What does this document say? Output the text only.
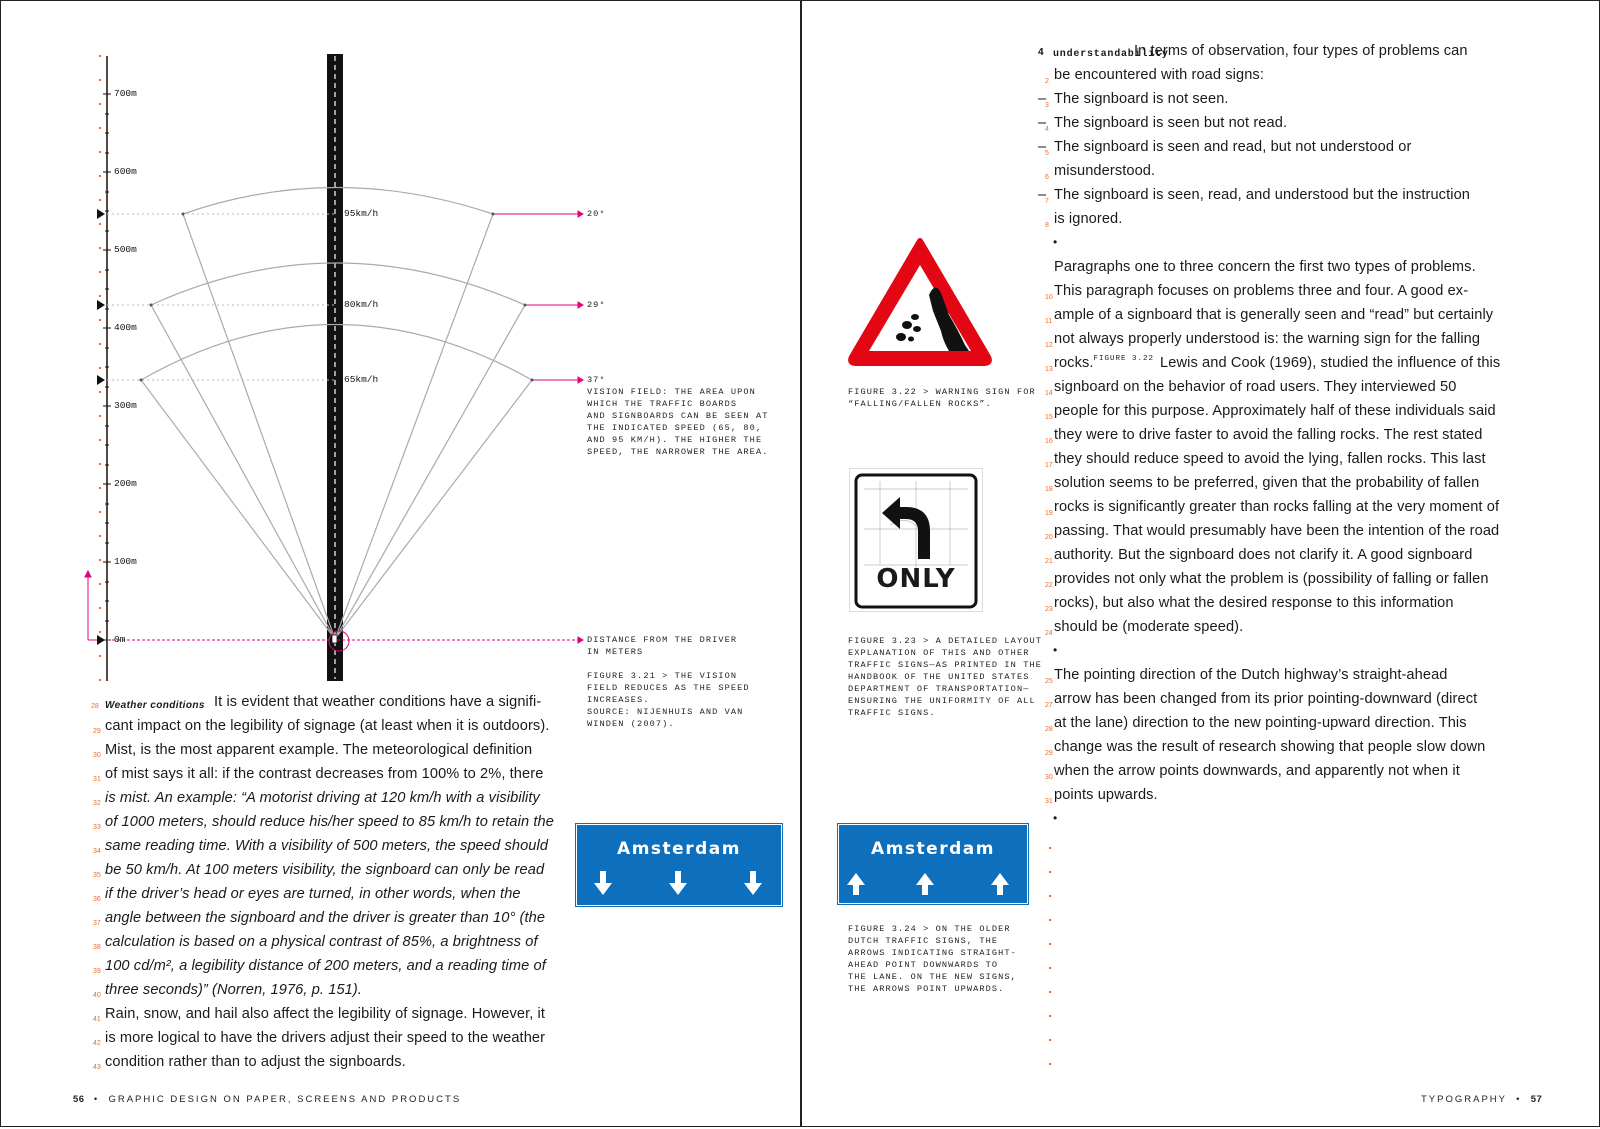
700m
600m
500m
400m
300m
200m
100m
0m
95km/h
80km/h
65km/h
20°
29°
37°
VISION FIELD: THE AREA UPON
WHICH THE TRAFFIC BOARDS
AND SIGNBOARDS CAN BE SEEN AT
THE INDICATED SPEED (65, 80,
AND 95 KM/H). THE HIGHER THE
SPEED, THE NARROWER THE AREA.
DISTANCE FROM THE DRIVER
IN METERS
FIGURE 3.21 > THE VISION
FIELD REDUCES AS THE SPEED
INCREASES.
SOURCE: NIJENHUIS AND VAN
WINDEN (2007).
Amsterdam
28 Weather conditions It is evident that weather conditions have a signifi-
cant impact on the legibility of signage (at least when it is outdoors).
29
Mist, is the most apparent example. The meteorological definition
30
of mist says it all: if the contrast decreases from 100% to 2%, there
31
is mist. An example: “A motorist driving at 120 km/h with a visibility
32
of 1000 meters, should reduce his/her speed to 85 km/h to retain the
33
same reading time. With a visibility of 500 meters, the speed should
34
be 50 km/h. At 100 meters visibility, the signboard can only be read
35
if the driver’s head or eyes are turned, in other words, when the
36
angle between the signboard and the driver is greater than 10° (the
37
calculation is based on a physical contrast of 85%, a brightness of
38
100 cd/m², a legibility distance of 200 meters, and a reading time of
39
three seconds)” (Norren, 1976, p. 151).
40
Rain, snow, and hail also affect the legibility of signage. However, it
41
is more logical to have the drivers adjust their speed to the weather
42
condition rather than to adjust the signboards.
43
56  •  GRAPHIC DESIGN ON PAPER, SCREENS AND PRODUCTS
FIGURE 3.22 > WARNING SIGN FOR
“FALLING/FALLEN ROCKS”.
ONLY
FIGURE 3.23 > A DETAILED LAYOUT
EXPLANATION OF THIS AND OTHER
TRAFFIC SIGNS—AS PRINTED IN THE
HANDBOOK OF THE UNITED STATES
DEPARTMENT OF TRANSPORTATION—
ENSURING THE UNIFORMITY OF ALL
TRAFFIC SIGNS.
Amsterdam
FIGURE 3.24 > ON THE OLDER
DUTCH TRAFFIC SIGNS, THE
ARROWS INDICATING STRAIGHT-
AHEAD POINT DOWNWARDS TO
THE LANE. ON THE NEW SIGNS,
THE ARROWS POINT UPWARDS.
4 understandability
In terms of observation, four types of problems can
be encountered with road signs:
2
The signboard is not seen.
–
3
The signboard is seen but not read.
–
4
The signboard is seen and read, but not understood or
–
5
misunderstood.
6
The signboard is seen, read, and understood but the instruction
–
7
is ignored.
8
Paragraphs one to three concern the first two types of problems.
This paragraph focuses on problems three and four. A good ex-
10
ample of a signboard that is generally seen and “read” but certainly
11
not always properly understood is: the warning sign for the falling
12
rocks.$^{FIGURE 3.22}$ Lewis and Cook (1969), studied the influence of this
13
signboard on the behavior of road users. They interviewed 50
14
people for this purpose. Approximately half of these individuals said
15
they were to drive faster to avoid the falling rocks. The rest stated
16
they should reduce speed to avoid the lying, fallen rocks. This last
17
solution seems to be preferred, given that the probability of fallen
18
rocks is significantly greater than rocks falling at the very moment of
19
passing. That would presumably have been the intention of the road
20
authority. But the signboard does not clarify it. A good signboard
21
provides not only what the problem is (possibility of falling or fallen
22
rocks), but also what the desired response to this information
23
should be (moderate speed).
24
The pointing direction of the Dutch highway’s straight-ahead
25
arrow has been changed from its prior pointing-downward (direct
27
at the lane) direction to the new pointing-upward direction. This
28
change was the result of research showing that people slow down
29
when the arrow points downwards, and apparently not when it
30
points upwards.
31
•
•
•
TYPOGRAPHY  •  57
